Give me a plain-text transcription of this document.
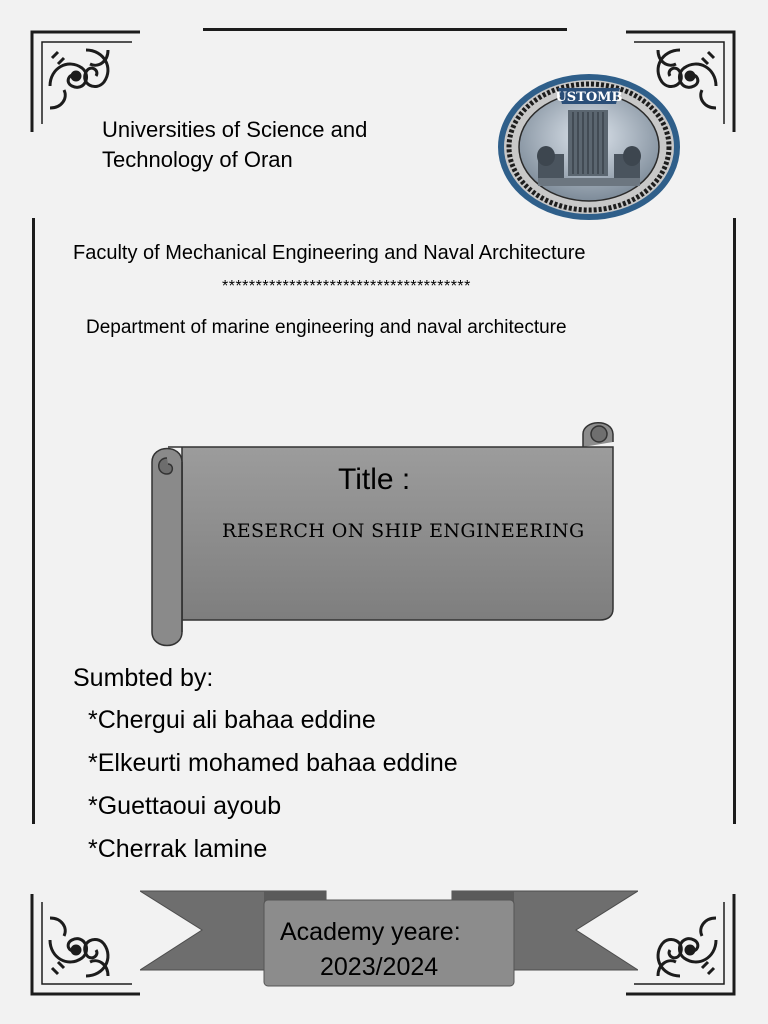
Universities of Science and
Technology of Oran
USTOMB
Faculty of Mechanical Engineering and Naval Architecture
*************************************
Department of marine engineering and naval architecture
Title :
RESERCH ON SHIP ENGINEERING
Sumbted by:
*Chergui ali bahaa eddine
*Elkeurti mohamed bahaa eddine
*Guettaoui ayoub
*Cherrak lamine
Academy yeare:
2023/2024
